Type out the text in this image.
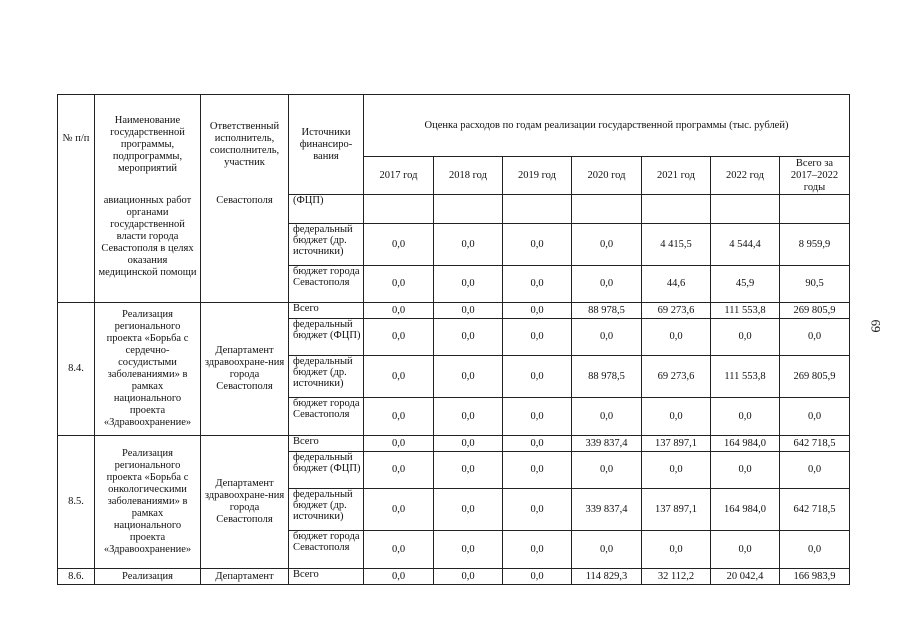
№ п/п	Наименование государственной программы, подпрограммы, мероприятий	Ответственный исполнитель, соисполнитель, участник	Источники финансиро-вания	Оценка расходов по годам реализации государственной программы (тыс. рублей)						
				2017 год	2018 год	2019 год	2020 год	2021 год	2022 год	Всего за 2017–2022 годы
	авиационных работ органами государственной власти города Севастополя в целях оказания медицинской помощи	Севастополя	(ФЦП)							
			федеральный бюджет (др. источники)	0,0	0,0	0,0	0,0	4 415,5	4 544,4	8 959,9
			бюджет города Севастополя	0,0	0,0	0,0	0,0	44,6	45,9	90,5
8.4.	Реализация регионального проекта «Борьба с сердечно-сосудистыми заболеваниями» в рамках национального проекта «Здравоохранение»	Департамент здравоохране-ния города Севастополя	Всего	0,0	0,0	0,0	88 978,5	69 273,6	111 553,8	269 805,9
			федеральный бюджет (ФЦП)	0,0	0,0	0,0	0,0	0,0	0,0	0,0
			федеральный бюджет (др. источники)	0,0	0,0	0,0	88 978,5	69 273,6	111 553,8	269 805,9
			бюджет города Севастополя	0,0	0,0	0,0	0,0	0,0	0,0	0,0
8.5.	Реализация регионального проекта «Борьба с онкологическими заболеваниями» в рамках национального проекта «Здравоохранение»	Департамент здравоохране-ния города Севастополя	Всего	0,0	0,0	0,0	339 837,4	137 897,1	164 984,0	642 718,5
			федеральный бюджет (ФЦП)	0,0	0,0	0,0	0,0	0,0	0,0	0,0
			федеральный бюджет (др. источники)	0,0	0,0	0,0	339 837,4	137 897,1	164 984,0	642 718,5
			бюджет города Севастополя	0,0	0,0	0,0	0,0	0,0	0,0	0,0
8.6.	Реализация	Департамент	Всего	0,0	0,0	0,0	114 829,3	32 112,2	20 042,4	166 983,9
69
